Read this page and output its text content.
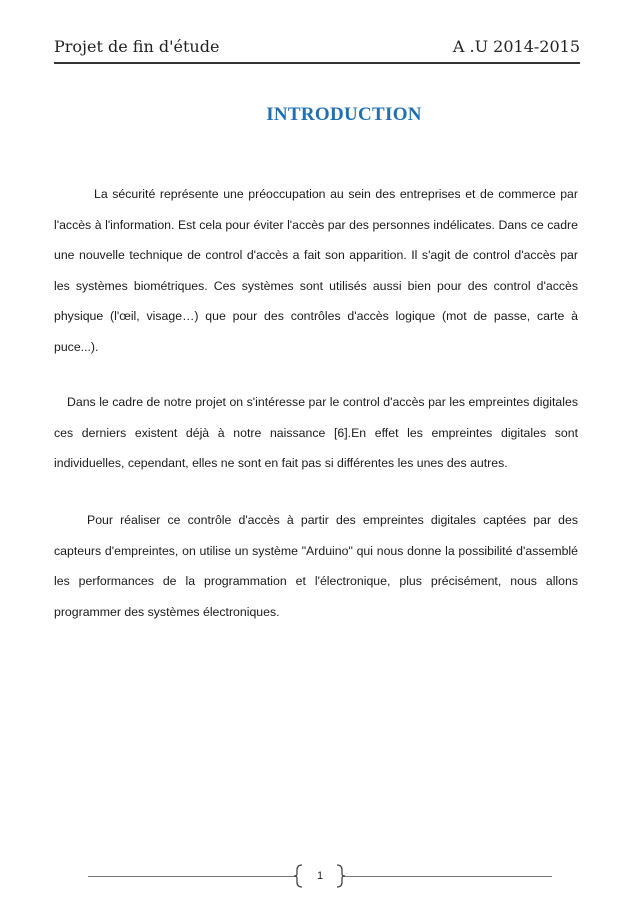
Projet de fin d'étude	A .U 2014-2015
INTRODUCTION

La sécurité représente une préoccupation au sein des entreprises et de commerce par l'accès à l'information. Est cela pour éviter l'accès par des personnes indélicates. Dans ce cadre une nouvelle technique de control d'accès a fait son apparition. Il s'agit de control d'accès par les systèmes biométriques. Ces systèmes sont utilisés aussi bien pour des control d'accès physique (l'œil, visage…) que pour des contrôles d'accès logique (mot de passe, carte à puce...).

Dans le cadre de notre projet on s'intéresse par le control d'accès par les empreintes digitales ces derniers existent déjà à notre naissance [6].En effet les empreintes digitales sont individuelles, cependant, elles ne sont en fait pas si différentes les unes des autres.

Pour réaliser ce contrôle d'accès à partir des empreintes digitales captées par des capteurs d'empreintes, on utilise un système "Arduino" qui nous donne la possibilité d'assemblé les performances de la programmation et l'électronique, plus précisément, nous allons programmer des systèmes électroniques.

1
